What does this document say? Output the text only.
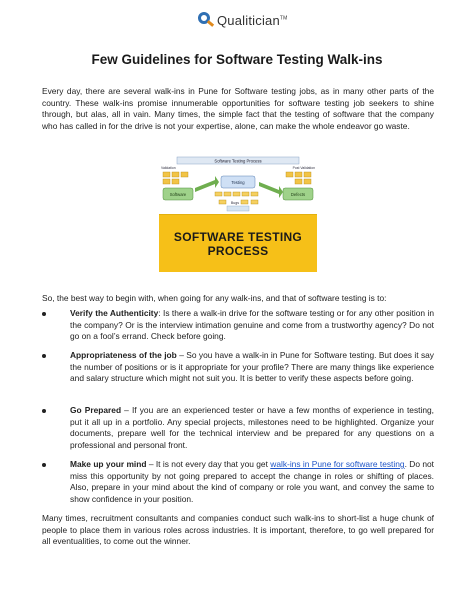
Qualitician™
Few Guidelines for Software Testing Walk-ins

Every day, there are several walk-ins in Pune for Software testing jobs, as in many other parts of the country. These walk-ins promise innumerable opportunities for software testing job seekers to shine through, but alas, all in vain. Many times, the simple fact that the testing of software that the company who has called in for the drive is not your expertise, alone, can make the whole endeavor go waste.

Software Testing Process
Validation	Post Validation
Software
Testing
Defects
Bugs
SOFTWARE TESTING PROCESS

So, the best way to begin with, when going for any walk-ins, and that of software testing is to:

Verify the Authenticity: Is there a walk-in drive for the software testing or for any other position in the company? Or is the interview intimation genuine and come from a trustworthy agency? Do not go on a fool’s errand. Check before going.
Appropriateness of the job – So you have a walk-in in Pune for Software testing. But does it say the number of positions or is it appropriate for your profile? There are many things like experience and salary structure which might not suit you. It is better to verify these aspects before going.
Go Prepared – If you are an experienced tester or have a few months of experience in testing, put it all up in a portfolio. Any special projects, milestones need to be highlighted. Organize your documents, prepare well for the technical interview and be prepared for any questions on a professional and personal front.
Make up your mind – It is not every day that you get walk-ins in Pune for software testing. Do not miss this opportunity by not going prepared to accept the change in roles or shifting of places. Also, prepare in your mind about the kind of company or role you want, and convey the same to show confidence in your position.

Many times, recruitment consultants and companies conduct such walk-ins to short-list a huge chunk of people to place them in various roles across industries. It is important, therefore, to go well prepared for all eventualities, to come out the winner.
